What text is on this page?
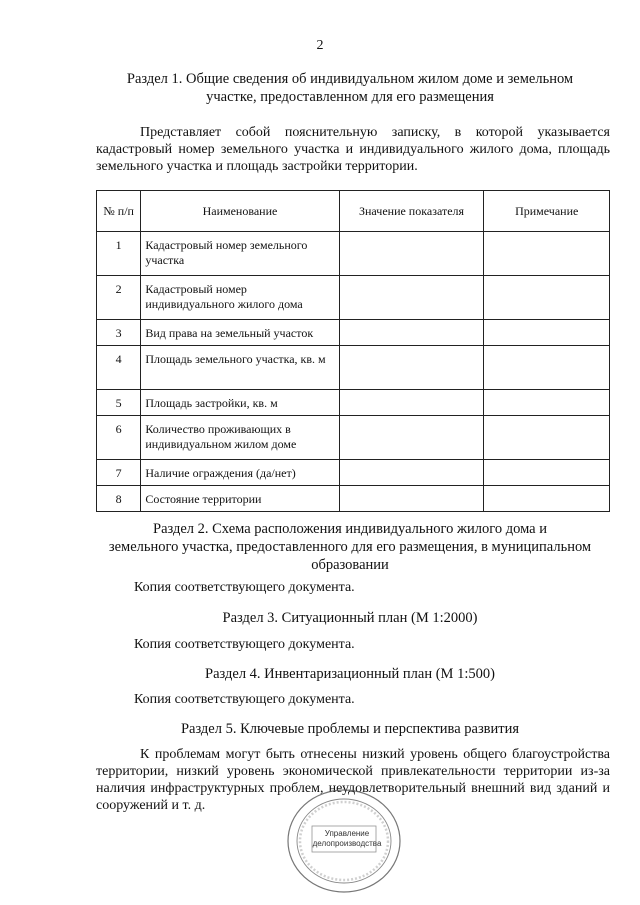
2
Раздел 1. Общие сведения об индивидуальном жилом доме и земельном
участке, предоставленном для его размещения
Представляет собой пояснительную записку, в которой указывается кадастровый номер земельного участка и индивидуального жилого дома, площадь земельного участка и площадь застройки территории.
№ п/п	Наименование	Значение показателя	Примечание
1	Кадастровый номер земельного участка		
2	Кадастровый номер индивидуального жилого дома		
3	Вид права на земельный участок		
4	Площадь земельного участка, кв. м		
5	Площадь застройки, кв. м		
6	Количество проживающих в индивидуальном жилом доме		
7	Наличие ограждения (да/нет)		
8	Состояние территории		
Раздел 2. Схема расположения индивидуального жилого дома и
земельного участка, предоставленного для его размещения, в муниципальном
образовании
Копия соответствующего документа.
Раздел 3. Ситуационный план (М 1:2000)
Копия соответствующего документа.
Раздел 4. Инвентаризационный план (М 1:500)
Копия соответствующего документа.
Раздел 5. Ключевые проблемы и перспектива развития
К проблемам могут быть отнесены низкий уровень общего благоустройства территории, низкий уровень экономической привлекательности территории из-за наличия инфраструктурных проблем, неудовлетворительный внешний вид зданий и сооружений и т. д.
Управление
делопроизводства
